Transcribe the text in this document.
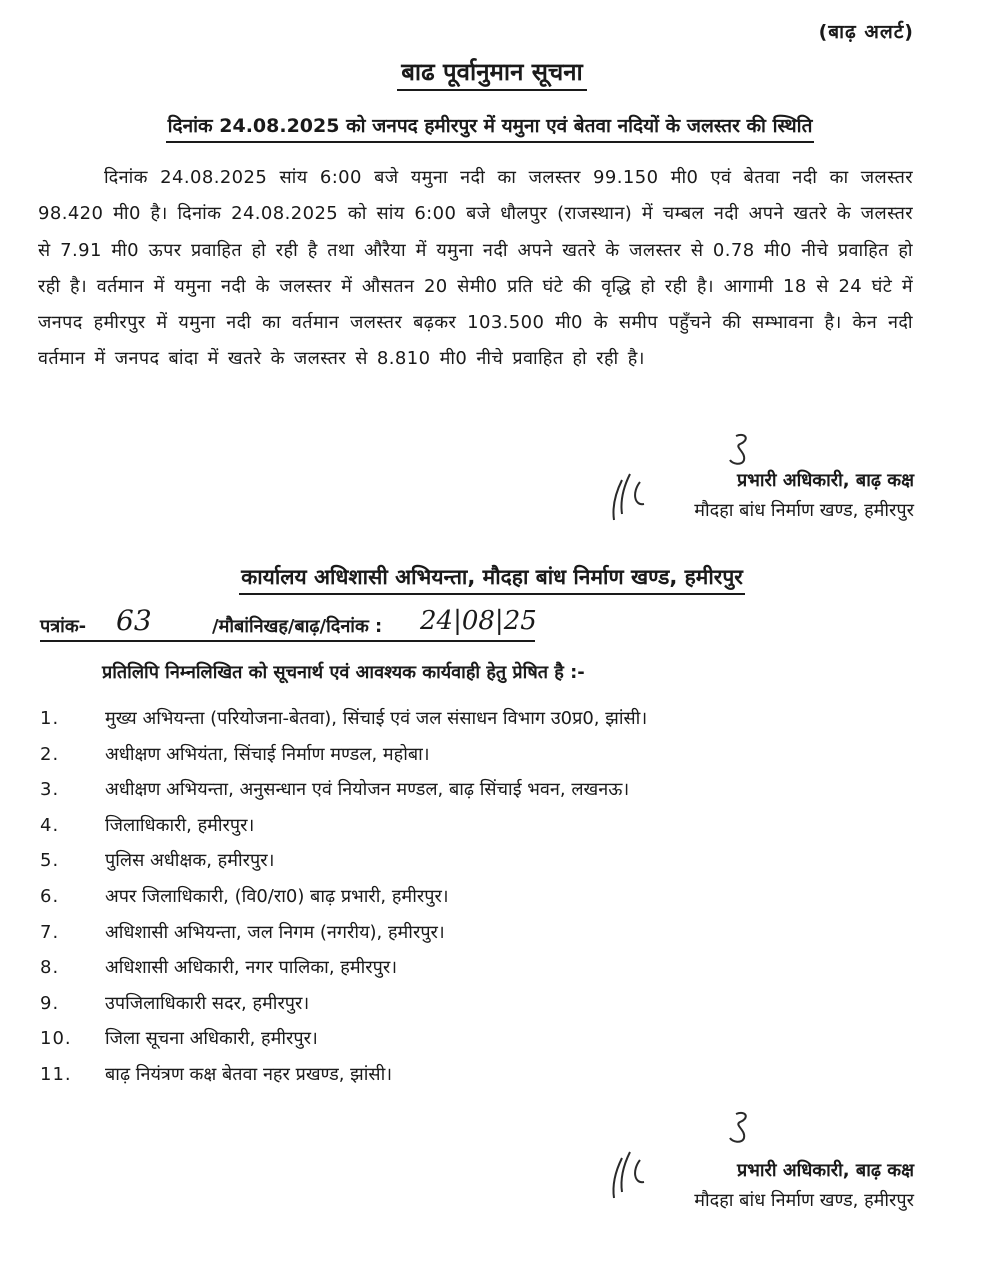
(बाढ़ अलर्ट)
बाढ पूर्वानुमान सूचना
दिनांक 24.08.2025 को जनपद हमीरपुर में यमुना एवं बेतवा नदियों के जलस्तर की स्थिति
दिनांक 24.08.2025 सांय 6:00 बजे यमुना नदी का जलस्तर 99.150 मी0 एवं बेतवा नदी का जलस्तर 98.420 मी0 है। दिनांक 24.08.2025 को सांय 6:00 बजे धौलपुर (राजस्थान) में चम्बल नदी अपने खतरे के जलस्तर से 7.91 मी0 ऊपर प्रवाहित हो रही है तथा औरैया में यमुना नदी अपने खतरे के जलस्तर से 0.78 मी0 नीचे प्रवाहित हो रही है। वर्तमान में यमुना नदी के जलस्तर में औसतन 20 सेमी0 प्रति घंटे की वृद्धि हो रही है। आगामी 18 से 24 घंटे में जनपद हमीरपुर में यमुना नदी का वर्तमान जलस्तर बढ़कर 103.500 मी0 के समीप पहुँचने की सम्भावना है। केन नदी वर्तमान में जनपद बांदा में खतरे के जलस्तर से 8.810 मी0 नीचे प्रवाहित हो रही है।
प्रभारी अधिकारी, बाढ़ कक्ष
मौदहा बांध निर्माण खण्ड, हमीरपुर
कार्यालय अधिशासी अभियन्ता, मौदहा बांध निर्माण खण्ड, हमीरपुर
पत्रांक- 63	/मौबांनिखह/बाढ़/दिनांक : 24|08|25
प्रतिलिपि निम्नलिखित को सूचनार्थ एवं आवश्यक कार्यवाही हेतु प्रेषित है :-
1.	मुख्य अभियन्ता (परियोजना-बेतवा), सिंचाई एवं जल संसाधन विभाग उ0प्र0, झांसी।
2.	अधीक्षण अभियंता, सिंचाई निर्माण मण्डल, महोबा।
3.	अधीक्षण अभियन्ता, अनुसन्धान एवं नियोजन मण्डल, बाढ़ सिंचाई भवन, लखनऊ।
4.	जिलाधिकारी, हमीरपुर।
5.	पुलिस अधीक्षक, हमीरपुर।
6.	अपर जिलाधिकारी, (वि0/रा0) बाढ़ प्रभारी, हमीरपुर।
7.	अधिशासी अभियन्ता, जल निगम (नगरीय), हमीरपुर।
8.	अधिशासी अधिकारी, नगर पालिका, हमीरपुर।
9.	उपजिलाधिकारी सदर, हमीरपुर।
10.	जिला सूचना अधिकारी, हमीरपुर।
11.	बाढ़ नियंत्रण कक्ष बेतवा नहर प्रखण्ड, झांसी।
प्रभारी अधिकारी, बाढ़ कक्ष
मौदहा बांध निर्माण खण्ड, हमीरपुर
